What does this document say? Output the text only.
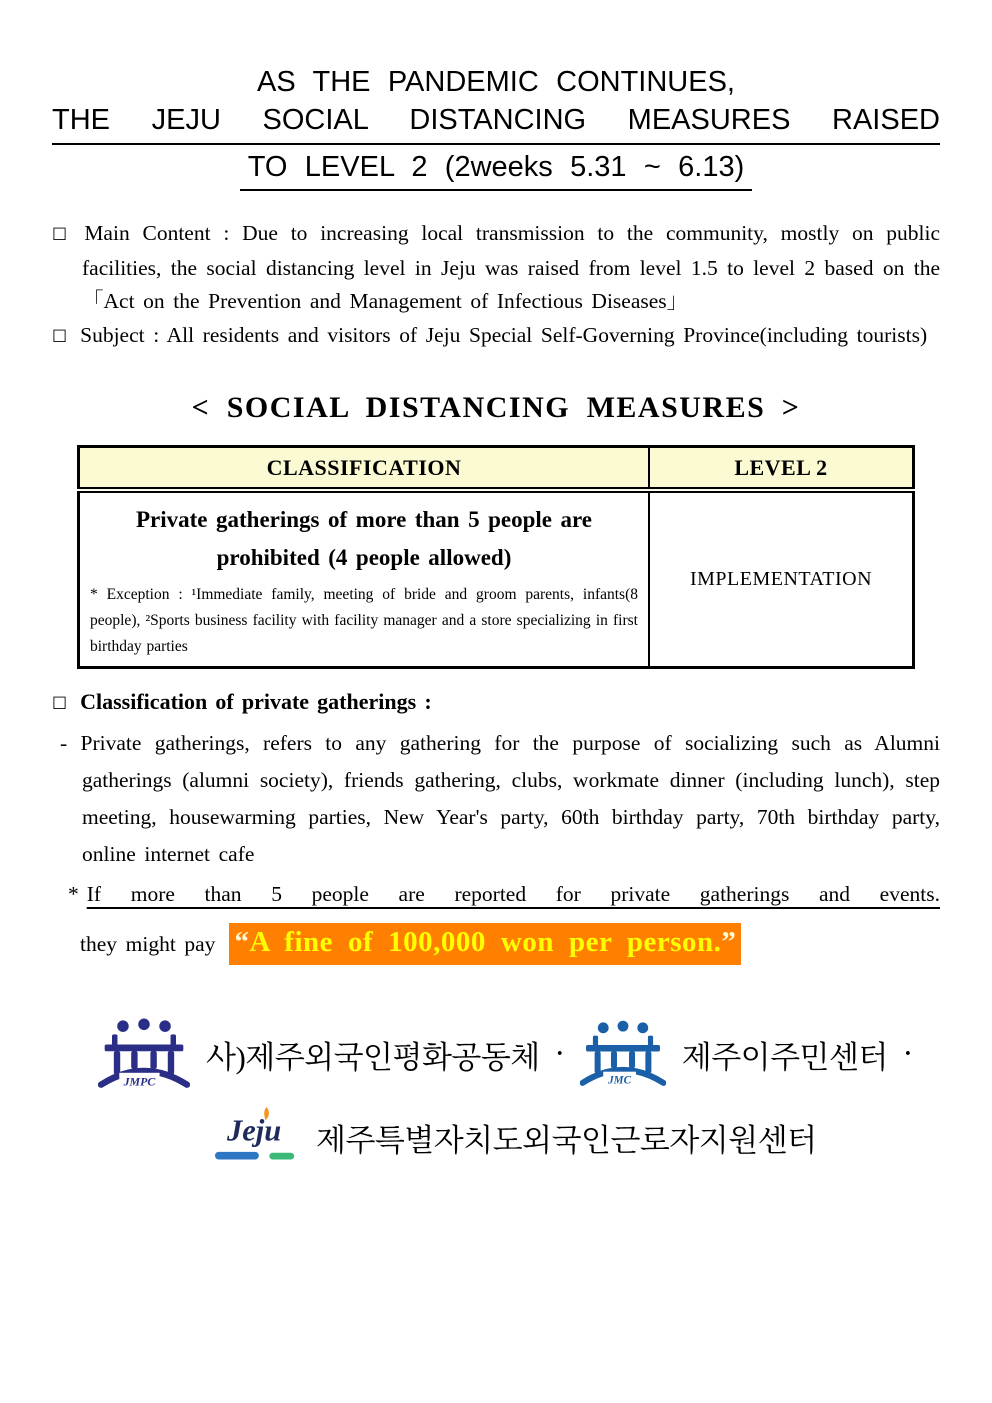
AS THE PANDEMIC CONTINUES,
THE JEJU SOCIAL DISTANCING MEASURES RAISED
TO LEVEL 2 (2weeks 5.31 ~ 6.13)

□ Main Content : Due to increasing local transmission to the community, mostly on public facilities, the social distancing level in Jeju was raised from level 1.5 to level 2 based on the 「Act on the Prevention and Management of Infectious Diseases」

□ Subject : All residents and visitors of Jeju Special Self-Governing Province(including tourists)

< SOCIAL DISTANCING MEASURES >
CLASSIFICATION	LEVEL 2

Private gatherings of more than 5 people are prohibited (4 people allowed)
* Exception : ¹Immediate family, meeting of bride and groom parents, infants(8 people), ²Sports business facility with facility manager and a store specializing in first birthday parties	IMPLEMENTATION

□ Classification of private gatherings :

- Private gatherings, refers to any gathering for the purpose of socializing such as Alumni gatherings (alumni society), friends gathering, clubs, workmate dinner (including lunch), step meeting, housewarming parties, New Year's party, 60th birthday party, 70th birthday party, online internet cafe

* If more than 5 people are reported for private gatherings and events.

they might pay “A fine of 100,000 won per person.”

JMPC
사)제주외국인평화공동체 ·
JMC
제주이주민센터 ·
Jeju 제주특별자치도외국인근로자지원센터
